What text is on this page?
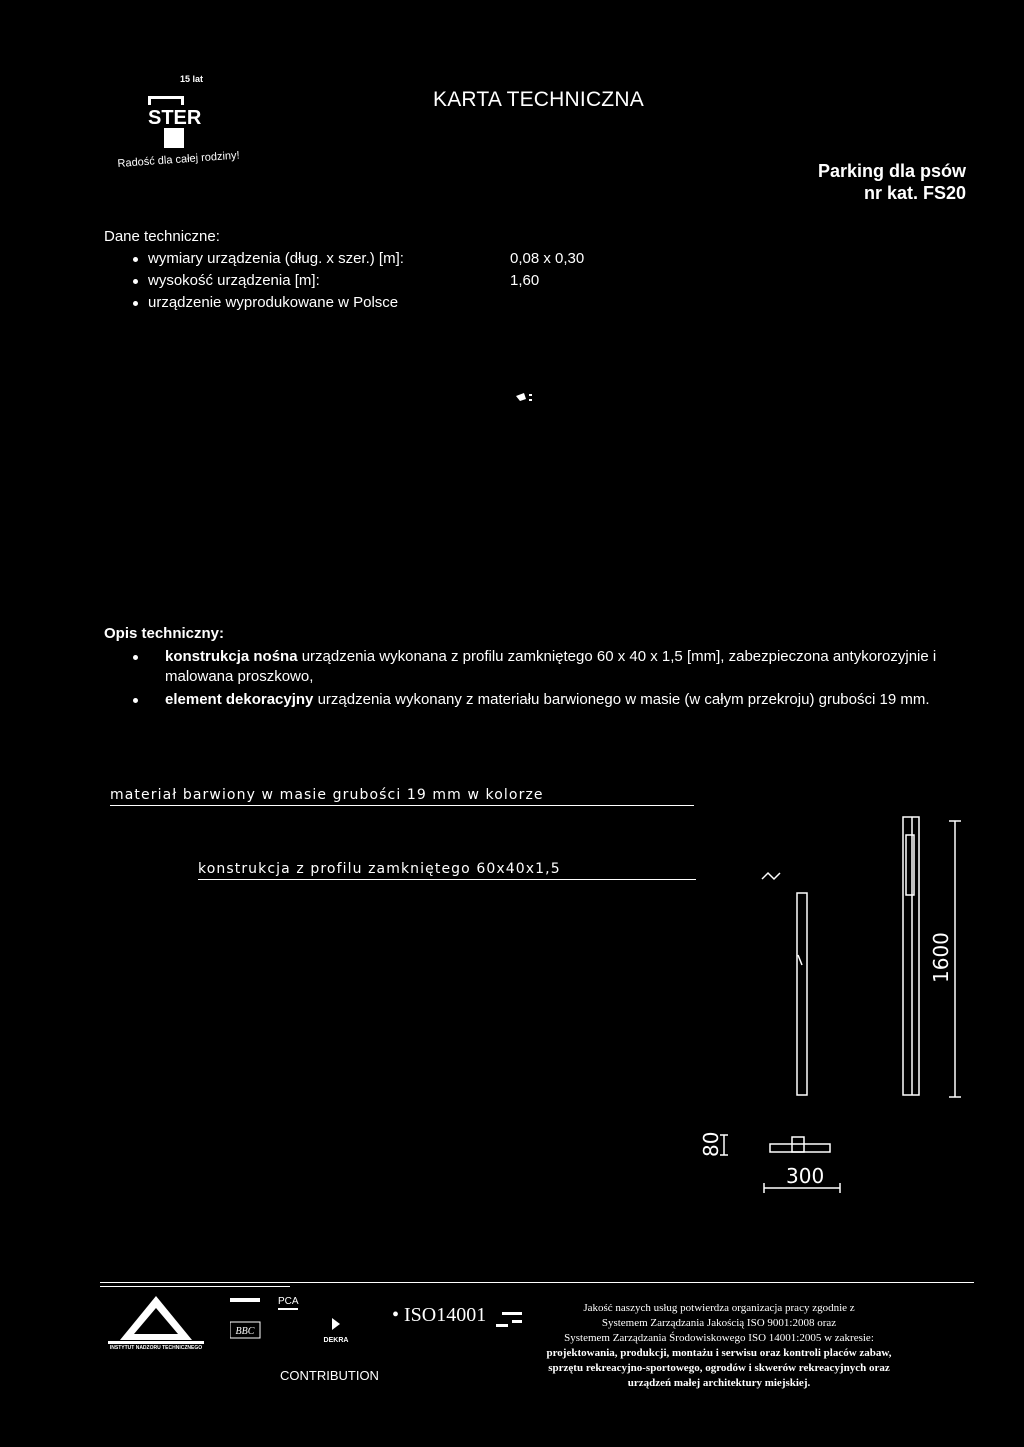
15 lat
STER
Radość dla całej rodziny!
KARTA TECHNICZNA
Parking dla psów
nr kat. FS20
Dane techniczne:
wymiary urządzenia (dług. x szer.) [m]:	0,08 x 0,30
wysokość urządzenia [m]:	1,60
urządzenie wyprodukowane w Polsce
Opis techniczny:
konstrukcja nośna urządzenia wykonana z profilu zamkniętego 60 x 40 x 1,5 [mm], zabezpieczona antykorozyjnie i malowana proszkowo,
element dekoracyjny urządzenia wykonany z materiału barwionego w masie (w całym przekroju) grubości 19 mm.
materiał barwiony w masie grubości 19 mm w kolorze
konstrukcja z profilu zamkniętego 60x40x1,5
1600
300
80
INSTYTUT NADZORU TECHNICZNEGO
BBC
PCA
DEKRA
• ISO14001
CONTRIBUTION
Jakość naszych usług potwierdza organizacja pracy zgodnie z
Systemem Zarządzania Jakością ISO 9001:2008 oraz
Systemem Zarządzania Środowiskowego ISO 14001:2005 w zakresie:
projektowania, produkcji, montażu i serwisu oraz kontroli placów zabaw,
sprzętu rekreacyjno-sportowego, ogrodów i skwerów rekreacyjnych oraz
urządzeń małej architektury miejskiej.
